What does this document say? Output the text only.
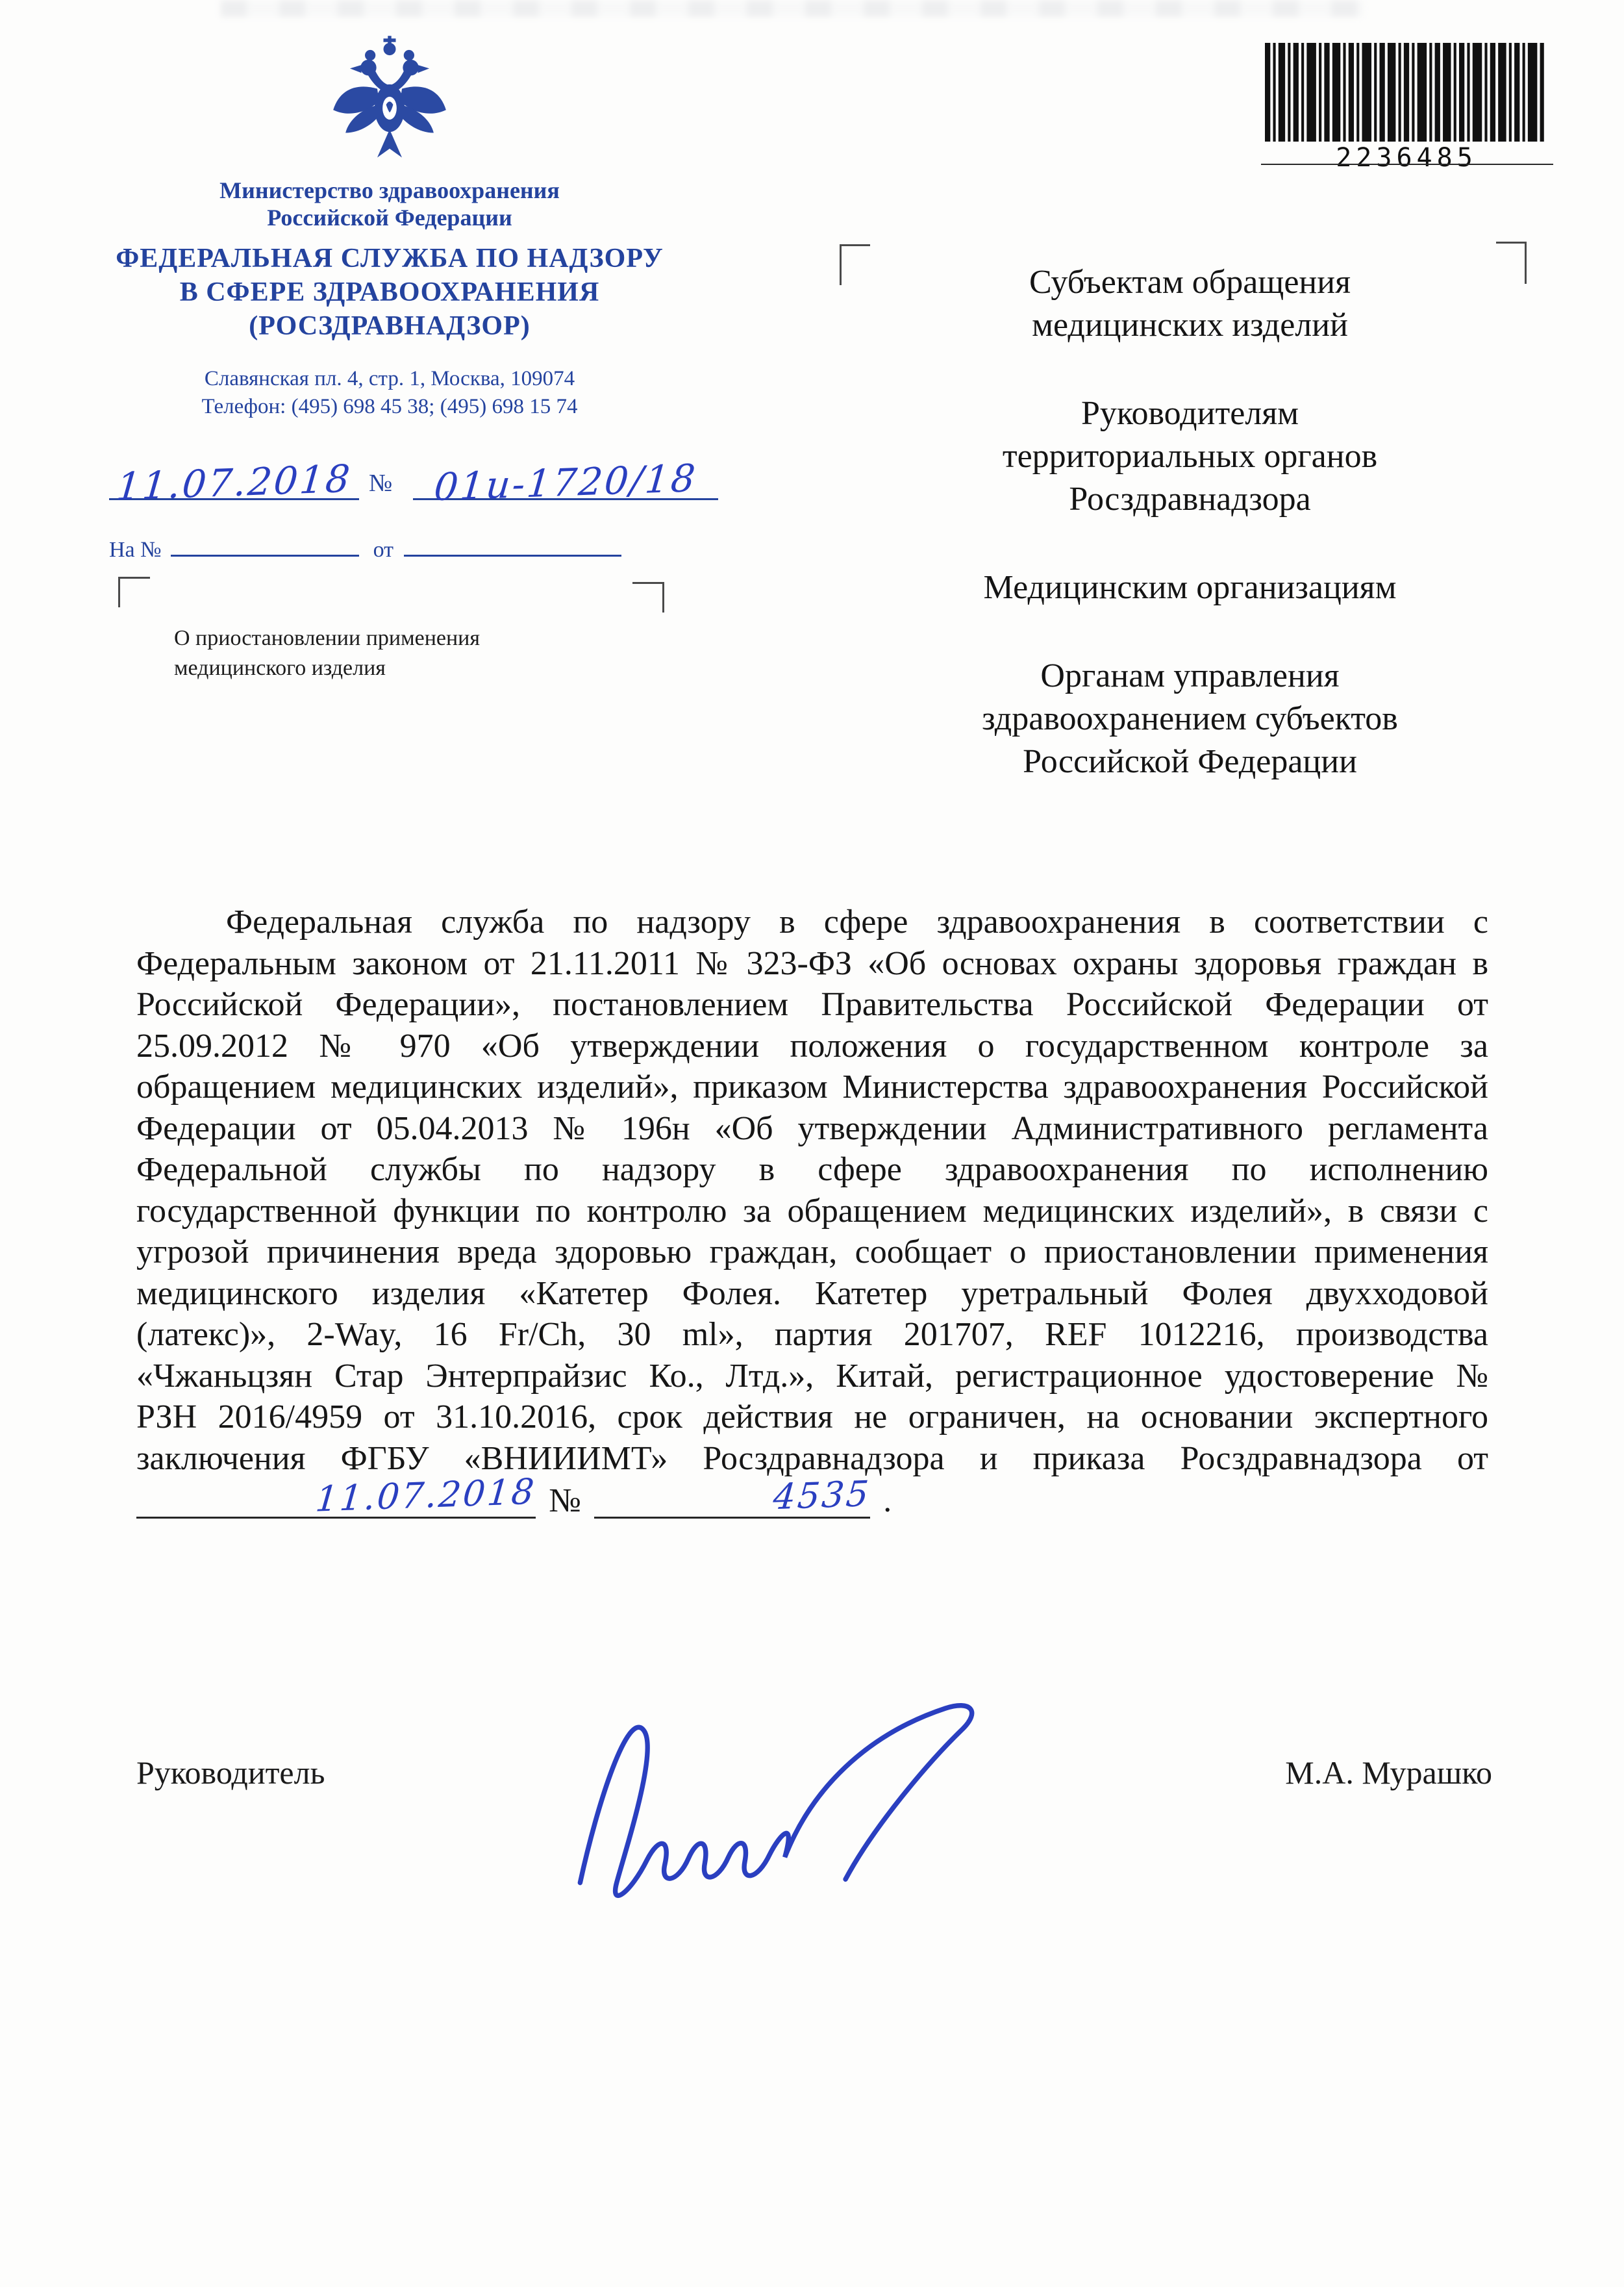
Министерство здравоохранения
Российской Федерации
ФЕДЕРАЛЬНАЯ СЛУЖБА ПО НАДЗОРУ
В СФЕРЕ ЗДРАВООХРАНЕНИЯ
(РОСЗДРАВНАДЗОР)
Славянская пл. 4, стр. 1, Москва, 109074
Телефон: (495) 698 45 38; (495) 698 15 74
11.07.2018 №	01и-1720/18
На №	от
О приостановлении применения
медицинского изделия
2236485
Субъектам обращения
медицинских изделий
Руководителям
территориальных органов
Росздравнадзора
Медицинским организациям
Органам управления
здравоохранением субъектов
Российской Федерации
Федеральная служба по надзору в сфере здравоохранения в соответствии с Федеральным законом от 21.11.2011 № 323-ФЗ «Об основах охраны здоровья граждан в Российской Федерации», постановлением Правительства Российской Федерации от 25.09.2012 № 970 «Об утверждении положения о государственном контроле за обращением медицинских изделий», приказом Министерства здравоохранения Российской Федерации от 05.04.2013 № 196н «Об утверждении Административного регламента Федеральной службы по надзору в сфере здравоохранения по исполнению государственной функции по контролю за обращением медицинских изделий», в связи с угрозой причинения вреда здоровью граждан, сообщает о приостановлении применения медицинского изделия «Катетер Фолея. Катетер уретральный Фолея двухходовой (латекс)», 2-Way, 16 Fr/Ch, 30 ml», партия 201707, REF 1012216, производства «Чжаньцзян Стар Энтерпрайзис Ко., Лтд.», Китай, регистрационное удостоверение № РЗН 2016/4959 от 31.10.2016, срок действия не ограничен, на основании экспертного заключения ФГБУ «ВНИИИМТ» Росздравнадзора и приказа Росздравнадзора от 11.07.2018 №	4535 .
Руководитель	М.А. Мурашко
